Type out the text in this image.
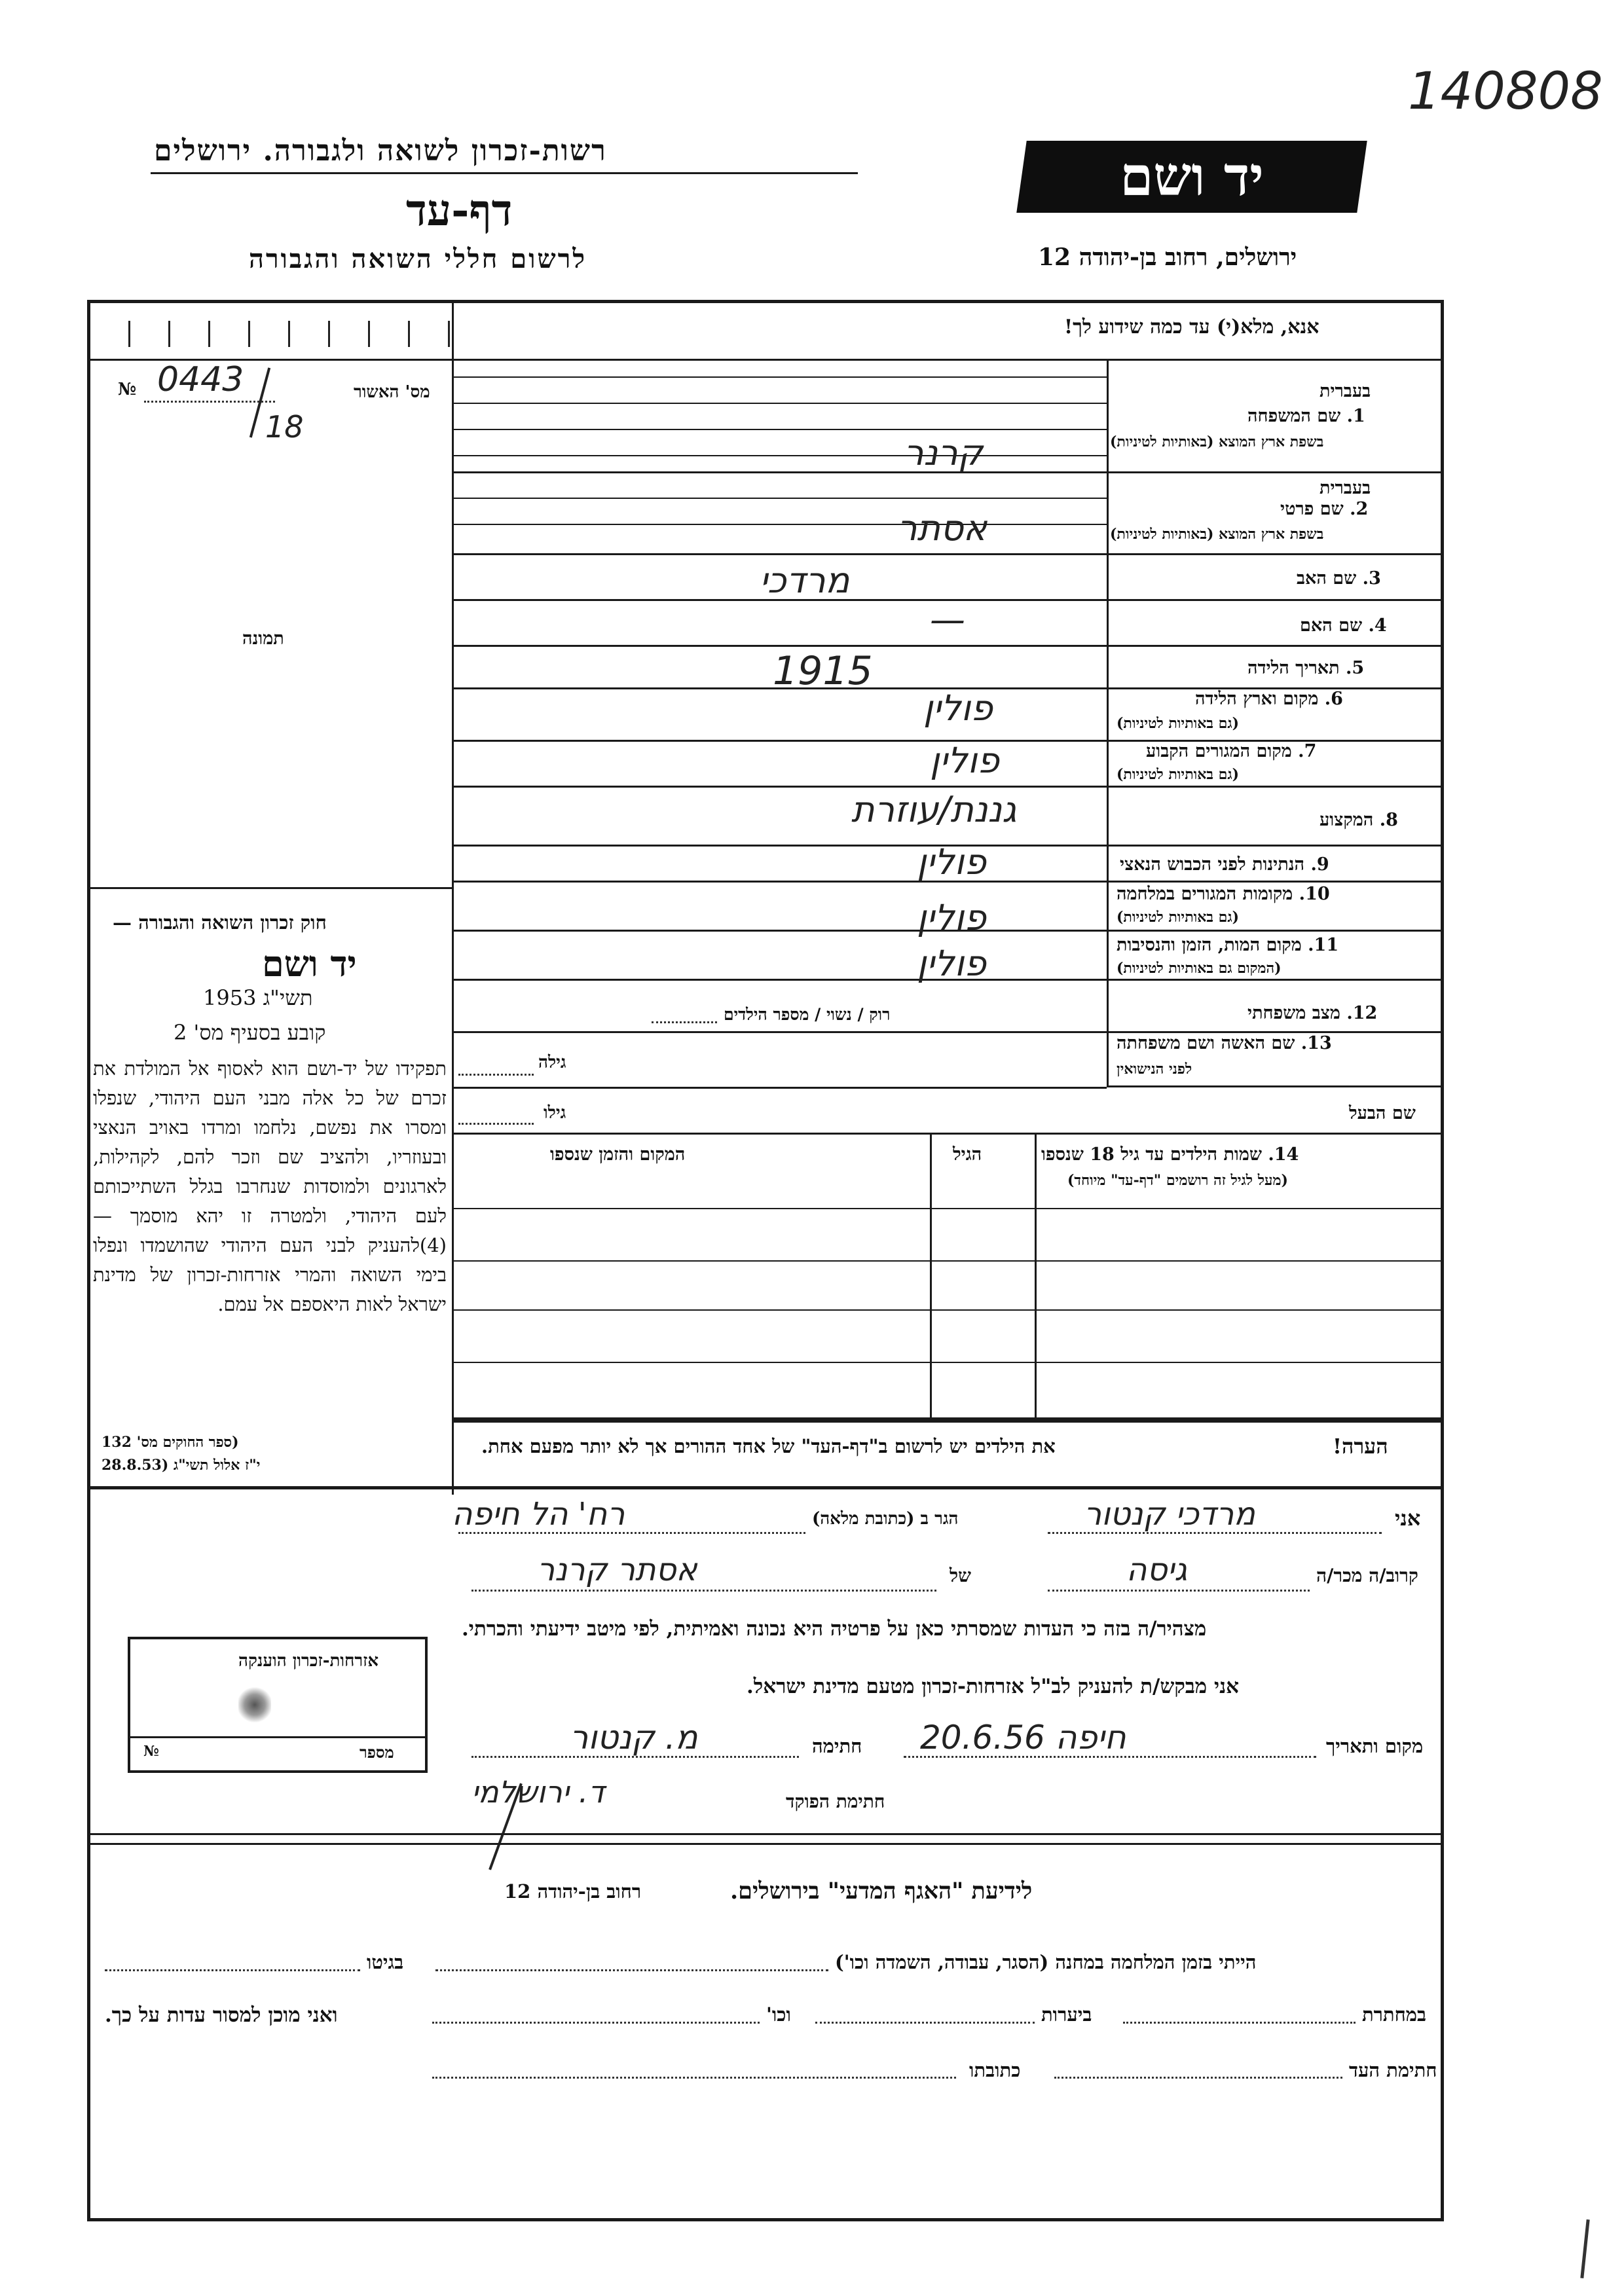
140808
רשות-זכרון לשואה ולגבורה. ירושלים
דף-עד
לרשום חללי השואה והגבורה
יד ושם
ירושלים, רחוב בן-יהודה 12
№ 0443
18
מס' האשור
תמונה
חוק זכרון השואה והגבורה —
יד ושם
תשי"ג 1953
קובע בסעיף מס' 2
תפקידו של יד-ושם הוא לאסוף אל המולדת את זכרם של כל אלה מבני העם היהודי, שנפלו ומסרו את נפשם, נלחמו ומרדו באויב הנאצי ובעוזריו, ולהציב שם וזכר להם, לקהילות, לארגונים ולמוסדות שנחרבו בגלל השתייכותם לעם היהודי, ולמטרה זו יהא מוסמך — (4)להעניק לבני העם היהודי שהושמדו ונפלו בימי השואה והמרי אזרחות-זכרון של מדינת ישראל לאות היאספם אל עמם.
(ספר החוקים מס' 132
י"ז אלול תשי"ג (28.8.53
אנא, מלא(י) עד כמה שידוע לך!
בעברית
1. שם המשפחה
בשפת ארץ המוצא (באותיות לטיניות)
בעברית
2. שם פרטי
בשפת ארץ המוצא (באותיות לטיניות)
3. שם האב
4. שם האם
5. תאריך הלידה
6. מקום וארץ הלידה
(גם באותיות לטיניות)
7. מקום המגורים הקבוע
(גם באותיות לטיניות)
8. המקצוע
9. הנתינות לפני הכבוש הנאצי
10. מקומות המגורים במלחמה
(גם באותיות לטיניות)
11. מקום המות, הזמן והנסיבות
(המקום גם באותיות לטיניות)
12. מצב משפחתי
13. שם האשה ושם משפחתה
לפני הנישואין
קרנר
אסתר
מרדכי
—
1915
פולין
פולין
גננת/עוזרת
פולין
פולין
פולין
רוק / נשוי / מספר הילדים
גילה
שם הבעל
גילו
14. שמות הילדים עד גיל 18 שנספו
(מעל לגיל זה רושמים "דף-עד" מיוחד)
הגיל
המקום והזמן שנספו
הערה!
את הילדים יש לרשום ב"דף-העד" של אחד ההורים אך לא יותר מפעם אחת.
אני
מרדכי קנטור
הגר ב (כתובת מלאה)
רח' הל חיפה
קרוב/ה מכר/ה
גיסה
של
אסתר קרנר
מצהיר/ה בזה כי העדות שמסרתי כאן על פרטיה היא נכונה ואמיתית, לפי מיטב ידיעתי והכרתי.
אני מבקש/ת להעניק לב"ל אזרחות-זכרון מטעם מדינת ישראל.
מקום ותאריך
חיפה 20.6.56
חתימה
מ. קנטור
חתימת הפוקד
ד. ירושלמי
אזרחות-זכרון הוענקה
№	מספר
לידיעת "האגף המדעי" בירושלים.
רחוב בן-יהודה 12
הייתי בזמן המלחמה במחנה (הסגר, עבודה, השמדה וכו')
בגיטו
במחתרת
ביערות
וכו'
ואני מוכן למסור עדות על כך.
חתימת העד
כתובתו
